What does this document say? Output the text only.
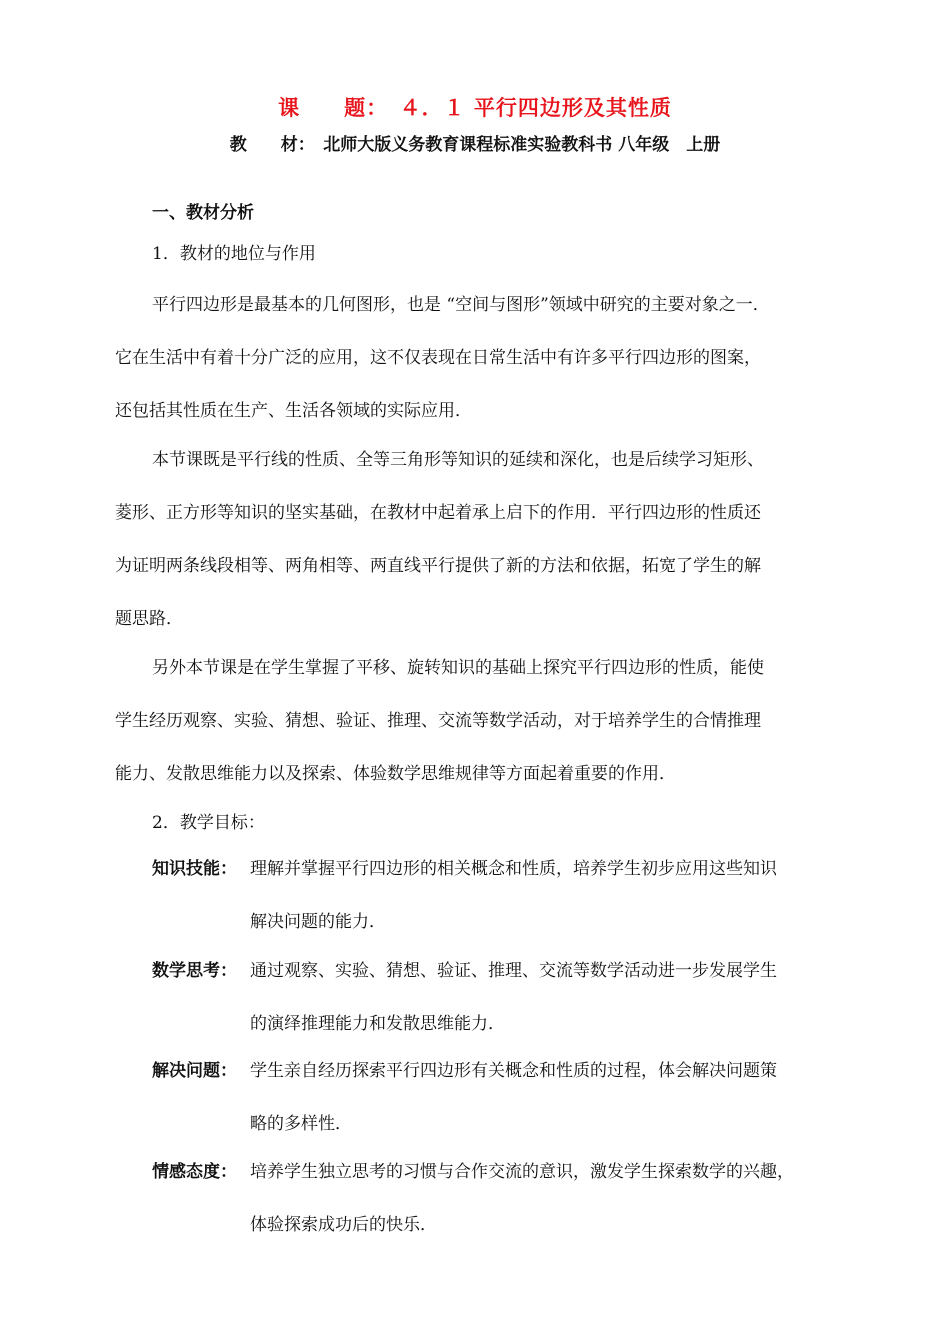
课　　题：　４．１ 平行四边形及其性质
教　　材：　北师大版义务教育课程标准实验教科书 八年级　上册
一、教材分析
1．教材的地位与作用
平行四边形是最基本的几何图形，也是 “空间与图形”领域中研究的主要对象之一．
它在生活中有着十分广泛的应用，这不仅表现在日常生活中有许多平行四边形的图案，
还包括其性质在生产、生活各领域的实际应用．
本节课既是平行线的性质、全等三角形等知识的延续和深化，也是后续学习矩形、
菱形、正方形等知识的坚实基础，在教材中起着承上启下的作用．平行四边形的性质还
为证明两条线段相等、两角相等、两直线平行提供了新的方法和依据，拓宽了学生的解
题思路．
另外本节课是在学生掌握了平移、旋转知识的基础上探究平行四边形的性质，能使
学生经历观察、实验、猜想、验证、推理、交流等数学活动，对于培养学生的合情推理
能力、发散思维能力以及探索、体验数学思维规律等方面起着重要的作用．
2．教学目标：
知识技能： 理解并掌握平行四边形的相关概念和性质，培养学生初步应用这些知识
解决问题的能力．
数学思考： 通过观察、实验、猜想、验证、推理、交流等数学活动进一步发展学生
的演绎推理能力和发散思维能力．
解决问题： 学生亲自经历探索平行四边形有关概念和性质的过程，体会解决问题策
略的多样性．
情感态度： 培养学生独立思考的习惯与合作交流的意识，激发学生探索数学的兴趣，
体验探索成功后的快乐．
